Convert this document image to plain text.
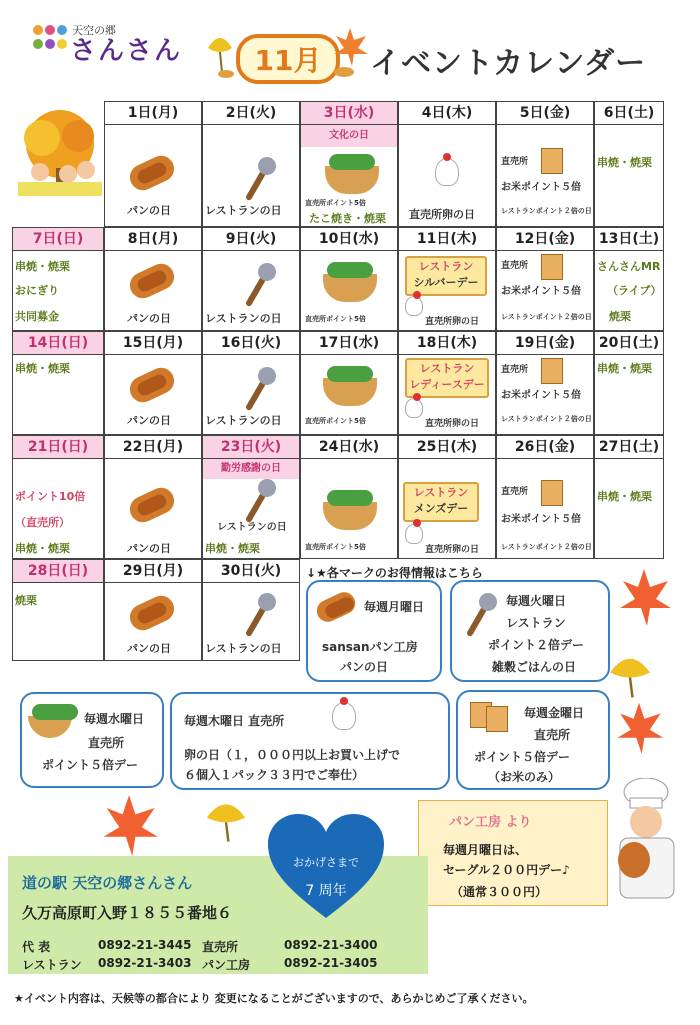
天空の郷
さんさん	11月	イベントカレンダー
1日(月)
パンの日
2日(火)
レストランの日
3日(水)
文化の日
直売所ポイント5倍
たこ焼き・焼栗
4日(木)
直売所卵の日
5日(金)
直売所
お米ポイント５倍
レストランポイント２倍の日
6日(土)
串焼・焼栗
7日(日)
串焼・焼栗
おにぎり
共同募金
8日(月)
パンの日
9日(火)
レストランの日
10日(水)
直売所ポイント5倍
11日(木)
レストラン
シルバーデー
直売所卵の日
12日(金)
直売所
お米ポイント５倍
レストランポイント２倍の日
13日(土)
さんさんMR
（ライブ）
焼栗
14日(日)
串焼・焼栗
15日(月)
パンの日
16日(火)
レストランの日
17日(水)
直売所ポイント5倍
18日(木)
レストラン
レディースデー
直売所卵の日
19日(金)
直売所
お米ポイント５倍
レストランポイント２倍の日
20日(土)
串焼・焼栗
21日(日)
ポイント10倍
（直売所）
串焼・焼栗
22日(月)
パンの日
23日(火)
勤労感謝の日
レストランの日
串焼・焼栗
24日(水)
直売所ポイント5倍
25日(木)
レストラン
メンズデー
直売所卵の日
26日(金)
直売所
お米ポイント５倍
レストランポイント２倍の日
27日(土)
串焼・焼栗
28日(日)
焼栗
29日(月)
パンの日
30日(火)
レストランの日
↓★各マークのお得情報はこちら
毎週月曜日
sansanパン工房
パンの日
毎週火曜日
レストラン
ポイント２倍デー
雑穀ごはんの日
毎週水曜日
直売所
ポイント５倍デー
毎週木曜日 直売所
卵の日（１，０００円以上お買い上げで
６個入１パック３３円でご奉仕）
毎週金曜日
直売所
ポイント５倍デー
（お米のみ）
パン工房 より
毎週月曜日は、
セーグル２００円デー♪
（通常３００円）
道の駅 天空の郷さんさん
久万高原町入野１８５５番地６
代 表	0892-21-3445 直売所	0892-21-3400
レストラン 0892-21-3403 パン工房	0892-21-3405
おかげさまで
7 周年
★イベント内容は、天候等の都合により 変更になることがございますので、あらかじめご了承ください。
